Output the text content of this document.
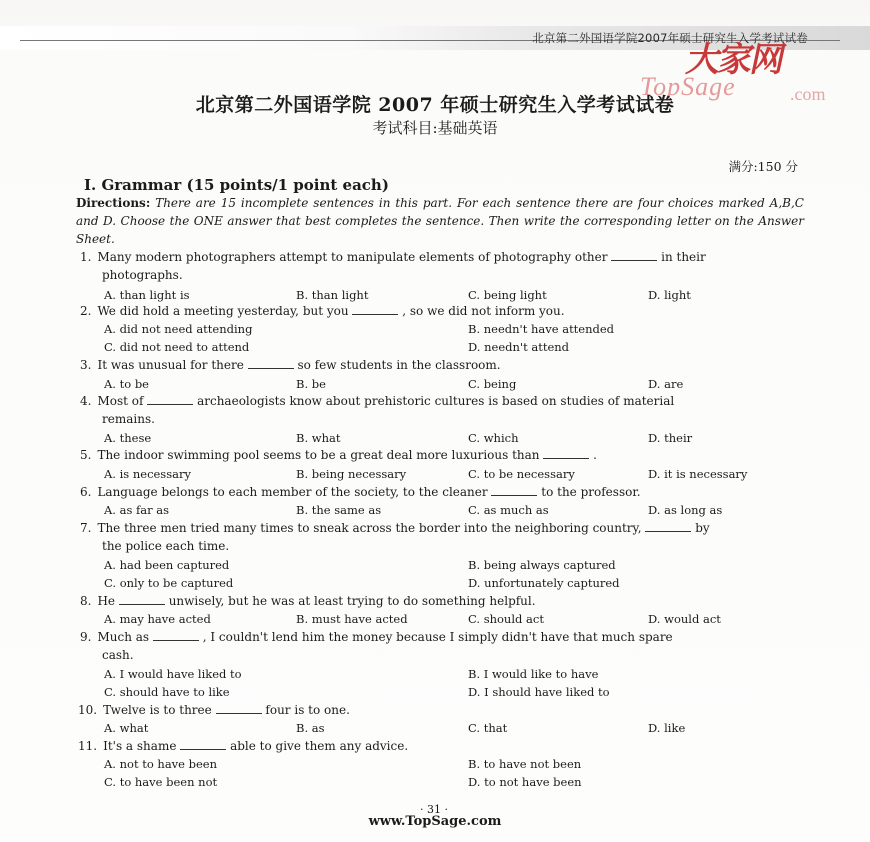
北京第二外国语学院2007年硕士研究生入学考试试卷
大家网
TopSage	.com
北京第二外国语学院 2007 年硕士研究生入学考试试卷
考试科目:基础英语
满分:150 分
I. Grammar (15 points/1 point each)
Directions: There are 15 incomplete sentences in this part. For each sentence there are four choices marked A,B,C and D. Choose the ONE answer that best completes the sentence. Then write the corresponding letter on the Answer Sheet.
1. Many modern photographers attempt to manipulate elements of photography other	in their
photographs.
A. than light is	B. than light	C. being light	D. light
2. We did hold a meeting yesterday, but you	, so we did not inform you.
A. did not need attending	B. needn't have attended
C. did not need to attend	D. needn't attend
3. It was unusual for there	so few students in the classroom.
A. to be	B. be	C. being	D. are
4. Most of	archaeologists know about prehistoric cultures is based on studies of material
remains.
A. these	B. what	C. which	D. their
5. The indoor swimming pool seems to be a great deal more luxurious than	.
A. is necessary	B. being necessary	C. to be necessary	D. it is necessary
6. Language belongs to each member of the society, to the cleaner	to the professor.
A. as far as	B. the same as	C. as much as	D. as long as
7. The three men tried many times to sneak across the border into the neighboring country,	by
the police each time.
A. had been captured	B. being always captured
C. only to be captured	D. unfortunately captured
8. He	unwisely, but he was at least trying to do something helpful.
A. may have acted	B. must have acted	C. should act	D. would act
9. Much as	, I couldn't lend him the money because I simply didn't have that much spare
cash.
A. I would have liked to	B. I would like to have
C. should have to like	D. I should have liked to
10. Twelve is to three	four is to one.
A. what	B. as	C. that	D. like
11. It's a shame	able to give them any advice.
A. not to have been	B. to have not been
C. to have been not	D. to not have been
· 31 ·
www.TopSage.com
